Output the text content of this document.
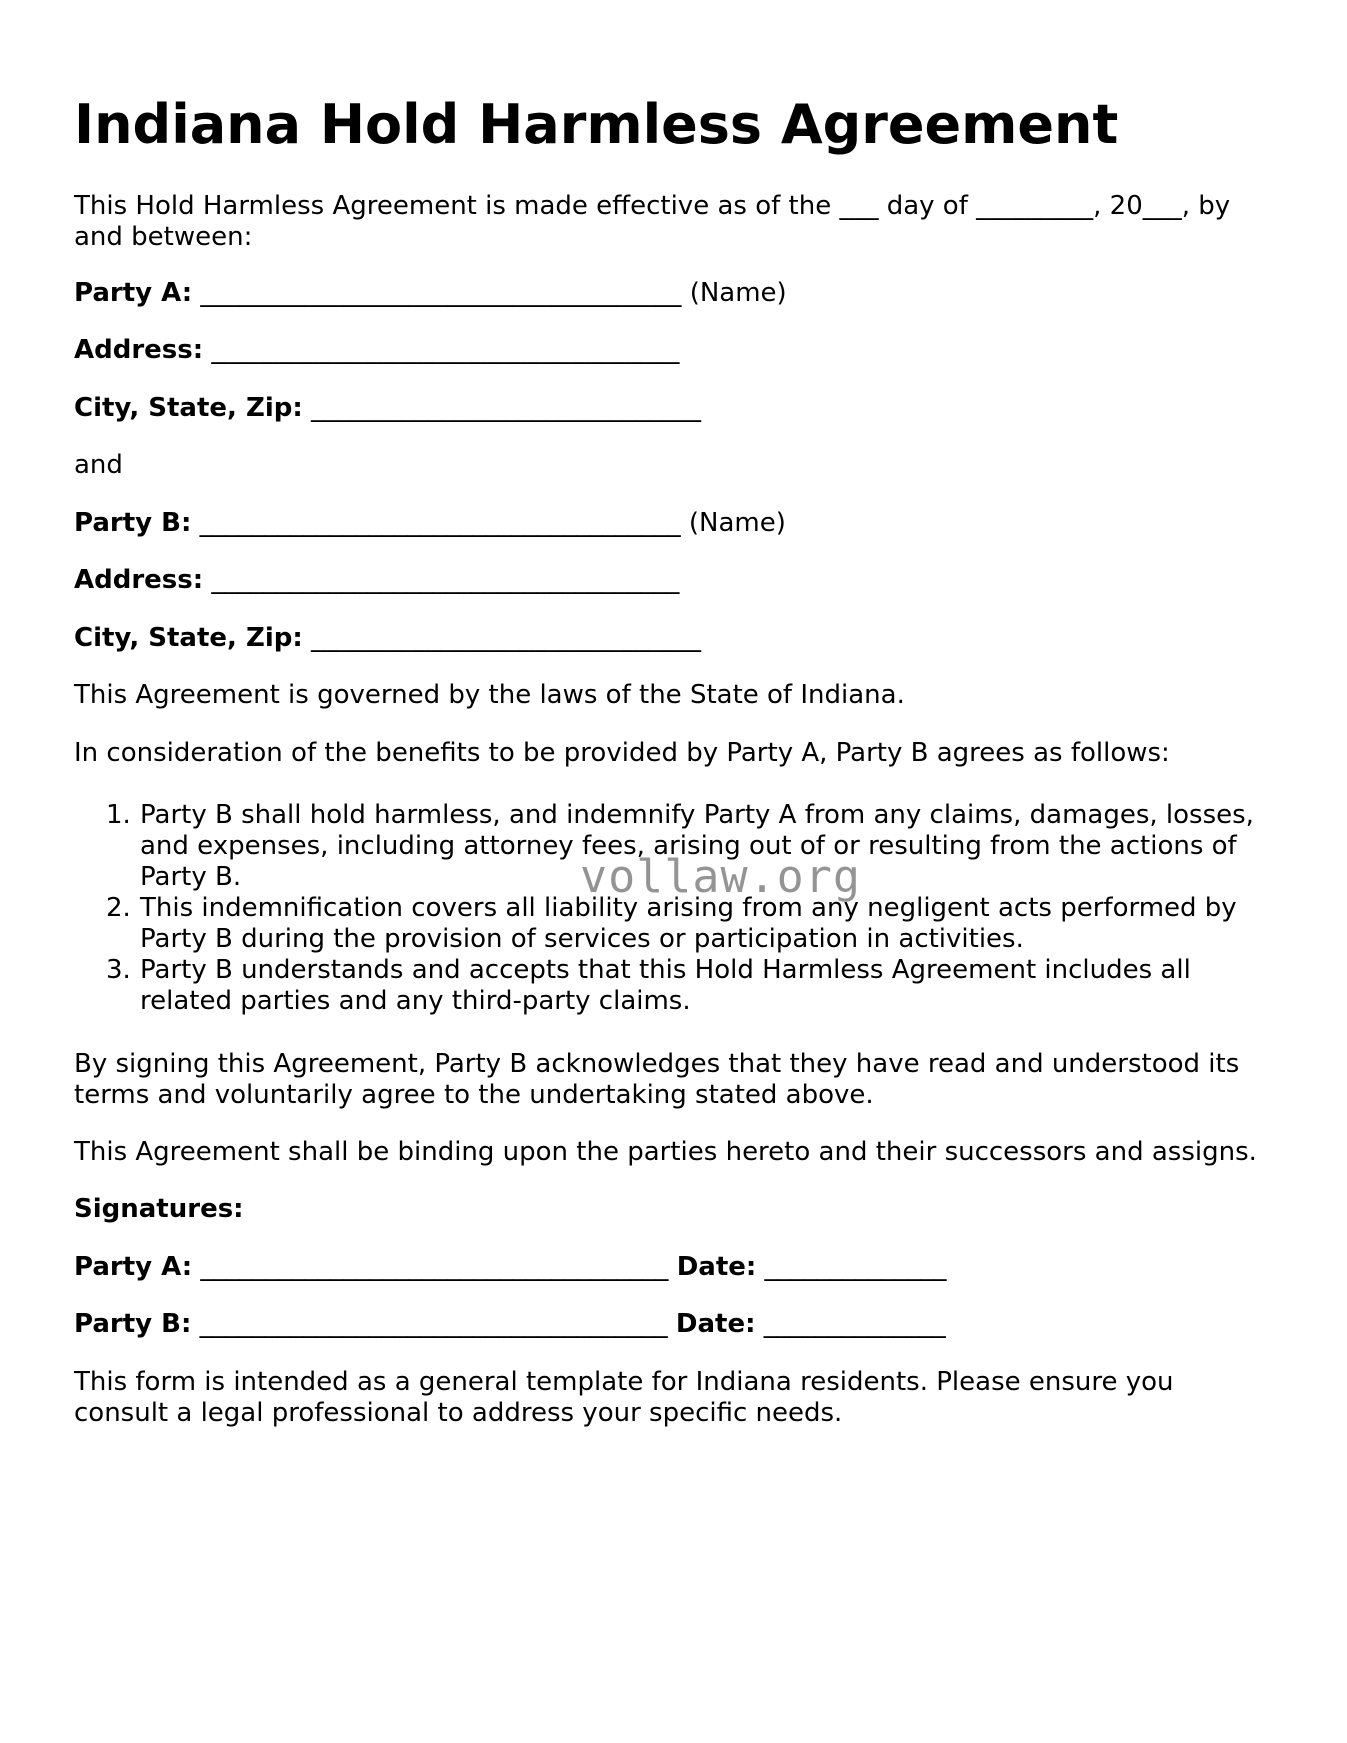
Indiana Hold Harmless Agreement

This Hold Harmless Agreement is made effective as of the ___ day of _________, 20___, by

and between:

Party A: _____________________________________ (Name)

Address: ____________________________________

City, State, Zip: ______________________________

and

Party B: _____________________________________ (Name)

Address: ____________________________________

City, State, Zip: ______________________________

This Agreement is governed by the laws of the State of Indiana.

In consideration of the benefits to be provided by Party A, Party B agrees as follows:

1. Party B shall hold harmless, and indemnify Party A from any claims, damages, losses,
and expenses, including attorney fees, arising out of or resulting from the actions of
Party B.
2. This indemnification covers all liability arising from any negligent acts performed by
Party B during the provision of services or participation in activities.
3. Party B understands and accepts that this Hold Harmless Agreement includes all
related parties and any third-party claims.

By signing this Agreement, Party B acknowledges that they have read and understood its

terms and voluntarily agree to the undertaking stated above.

This Agreement shall be binding upon the parties hereto and their successors and assigns.

Signatures:

Party A: ____________________________________ Date: ______________

Party B: ____________________________________ Date: ______________

This form is intended as a general template for Indiana residents. Please ensure you

consult a legal professional to address your specific needs.

vollaw.org
